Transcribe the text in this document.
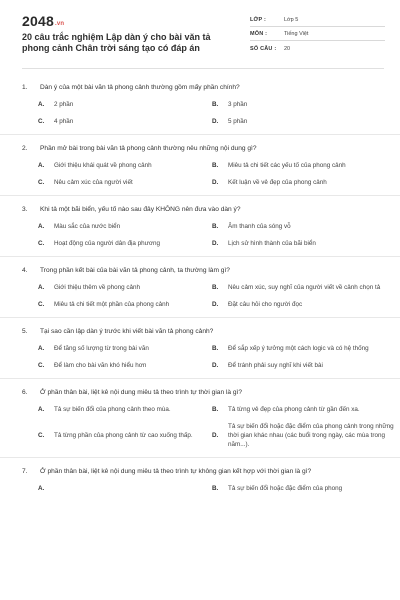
2048.vn
20 câu trắc nghiệm Lập dàn ý cho bài văn tả phong cảnh Chân trời sáng tạo có đáp án
LỚP :	Lớp 5
MÔN :	Tiếng Việt
SỐ CÂU :	20
1.	Dàn ý của một bài văn tả phong cảnh thường gồm mấy phần chính?
A.	2 phần	B.	3 phần
C.	4 phần	D.	5 phần
2.	Phần mở bài trong bài văn tả phong cảnh thường nêu những nội dung gì?
A.	Giới thiệu khái quát về phong cảnh	B.	Miêu tả chi tiết các yếu tố của phong cảnh
C.	Nêu cảm xúc của người viết	D.	Kết luận về vẻ đẹp của phong cảnh
3.	Khi tả một bãi biển, yếu tố nào sau đây KHÔNG nên đưa vào dàn ý?
A.	Màu sắc của nước biển	B.	Âm thanh của sóng vỗ
C.	Hoạt động của người dân địa phương	D.	Lịch sử hình thành của bãi biển
4.	Trong phần kết bài của bài văn tả phong cảnh, ta thường làm gì?
A.	Giới thiệu thêm về phong cảnh	B.	Nêu cảm xúc, suy nghĩ của người viết về cảnh chọn tả
C.	Miêu tả chi tiết một phần của phong cảnh	D.	Đặt câu hỏi cho người đọc
5.	Tại sao cần lập dàn ý trước khi viết bài văn tả phong cảnh?
A.	Để tăng số lượng từ trong bài văn	B.	Để sắp xếp ý tưởng một cách logic và có hệ thống
C.	Để làm cho bài văn khó hiểu hơn	D.	Để tránh phải suy nghĩ khi viết bài
6.	Ở phần thân bài, liệt kê nội dung miêu tả theo trình tự thời gian là gì?
A.	Tả sự biến đổi của phong cảnh theo mùa.	B.	Tả từng vẻ đẹp của phong cảnh từ gần đến xa.
C.	Tả từng phần của phong cảnh từ cao xuống thấp.	D.
Tả sự biến đổi hoặc đặc điểm của phong cảnh trong những thời gian khác nhau (các buổi trong ngày, các mùa trong năm...).
7.	Ở phần thân bài, liệt kê nội dung miêu tả theo trình tự không gian kết hợp với thời gian là gì?
A.	B.	Tả sự biến đổi hoặc đặc điểm của phong
